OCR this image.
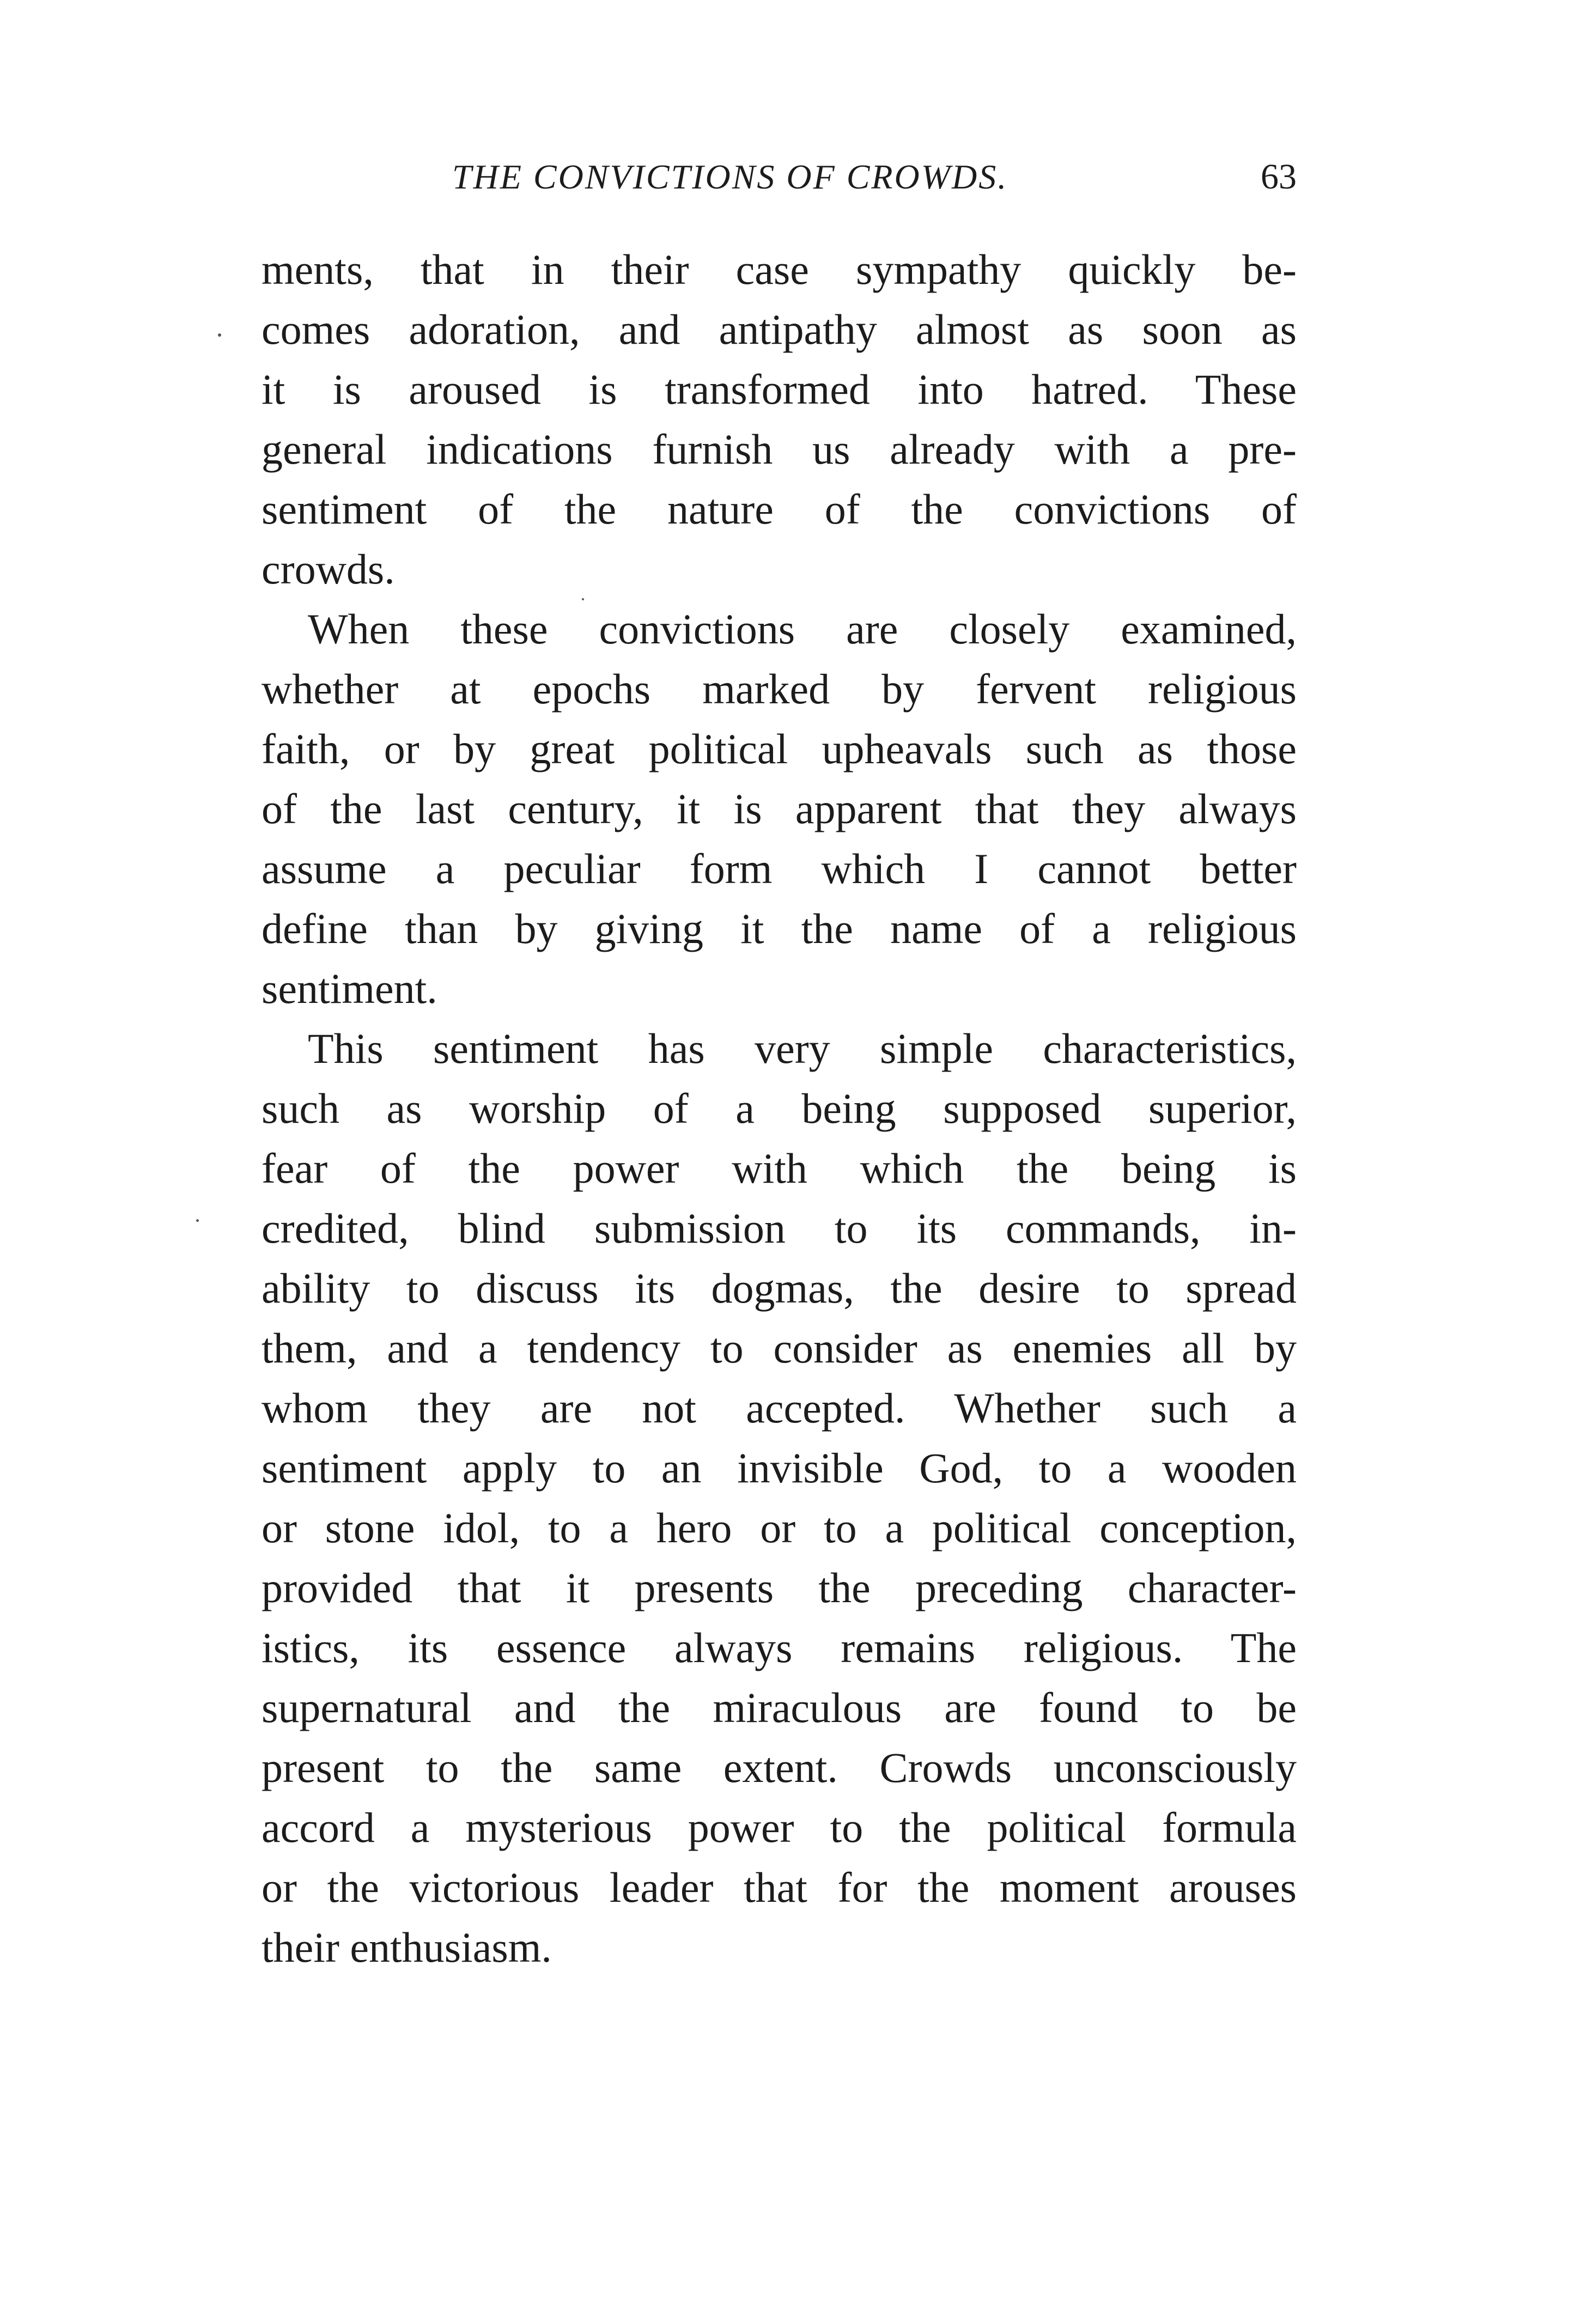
THE CONVICTIONS OF CROWDS.	63
ments, that in their case sympathy quickly be-
comes adoration, and antipathy almost as soon as
it is aroused is transformed into hatred. These
general indications furnish us already with a pre-
sentiment of the nature of the convictions of
crowds.
When these convictions are closely examined,
whether at epochs marked by fervent religious
faith, or by great political upheavals such as those
of the last century, it is apparent that they always
assume a peculiar form which I cannot better
define than by giving it the name of a religious
sentiment.
This sentiment has very simple characteristics,
such as worship of a being supposed superior,
fear of the power with which the being is
credited, blind submission to its commands, in-
ability to discuss its dogmas, the desire to spread
them, and a tendency to consider as enemies all by
whom they are not accepted. Whether such a
sentiment apply to an invisible God, to a wooden
or stone idol, to a hero or to a political conception,
provided that it presents the preceding character-
istics, its essence always remains religious. The
supernatural and the miraculous are found to be
present to the same extent. Crowds unconsciously
accord a mysterious power to the political formula
or the victorious leader that for the moment arouses
their enthusiasm.
